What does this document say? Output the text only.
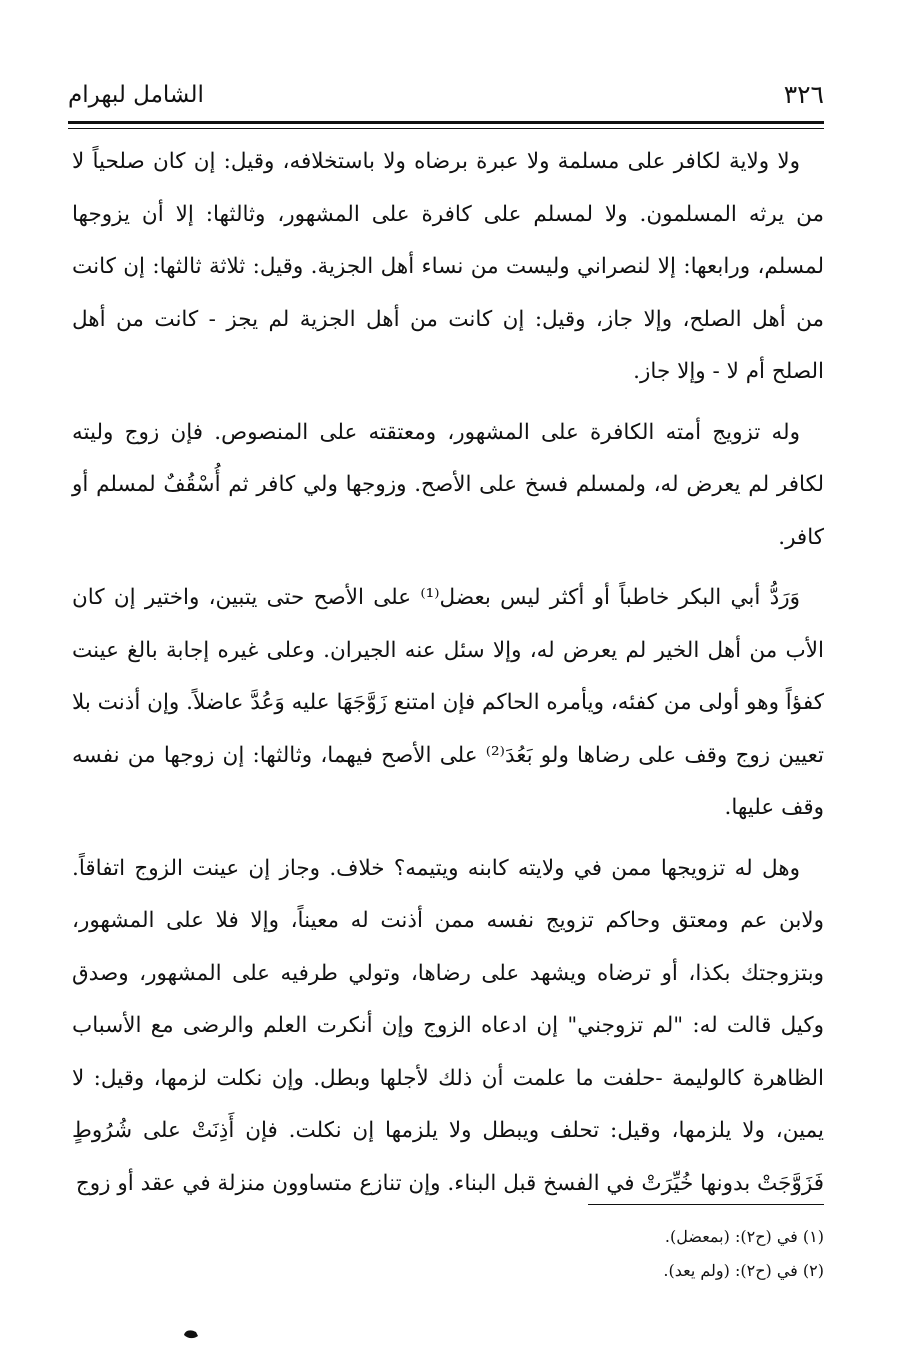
٣٢٦
الشامل لبهرام

ولا ولاية لكافر على مسلمة ولا عبرة برضاه ولا باستخلافه، وقيل: إن كان صلحياً لا من يرثه المسلمون. ولا لمسلم على كافرة على المشهور، وثالثها: إلا أن يزوجها لمسلم، ورابعها: إلا لنصراني وليست من نساء أهل الجزية. وقيل: ثلاثة ثالثها: إن كانت من أهل الصلح، وإلا جاز، وقيل: إن كانت من أهل الجزية لم يجز - كانت من أهل الصلح أم لا - وإلا جاز.

وله تزويج أمته الكافرة على المشهور، ومعتقته على المنصوص. فإن زوج وليته لكافر لم يعرض له، ولمسلم فسخ على الأصح. وزوجها ولي كافر ثم أُسْقُفٌ لمسلم أو كافر.

وَرَدُّ أبي البكر خاطباً أو أكثر ليس بعضل⁽¹⁾ على الأصح حتى يتبين، واختير إن كان الأب من أهل الخير لم يعرض له، وإلا سئل عنه الجيران. وعلى غيره إجابة بالغ عينت كفؤاً وهو أولى من كفئه، ويأمره الحاكم فإن امتنع زَوَّجَهَا عليه وَعُدَّ عاضلاً. وإن أذنت بلا تعيين زوج وقف على رضاها ولو بَعُدَ⁽²⁾ على الأصح فيهما، وثالثها: إن زوجها من نفسه وقف عليها.

وهل له تزويجها ممن في ولايته كابنه ويتيمه؟ خلاف. وجاز إن عينت الزوج اتفاقاً. ولابن عم ومعتق وحاكم تزويج نفسه ممن أذنت له معيناً، وإلا فلا على المشهور، وبتزوجتك بكذا، أو ترضاه ويشهد على رضاها، وتولي طرفيه على المشهور، وصدق وكيل قالت له: "لم تزوجني" إن ادعاه الزوج وإن أنكرت العلم والرضى مع الأسباب الظاهرة كالوليمة -حلفت ما علمت أن ذلك لأجلها وبطل. وإن نكلت لزمها، وقيل: لا يمين، ولا يلزمها، وقيل: تحلف ويبطل ولا يلزمها إن نكلت. فإن أَذِنَتْ على شُرُوطٍ فَزَوَّجَتْ بدونها خُيِّرَتْ في الفسخ قبل البناء. وإن تنازع متساوون منزلة في عقد أو زوج

(١) في (ح٢): (بمعضل).
(٢) في (ح٢): (ولم يعد).
